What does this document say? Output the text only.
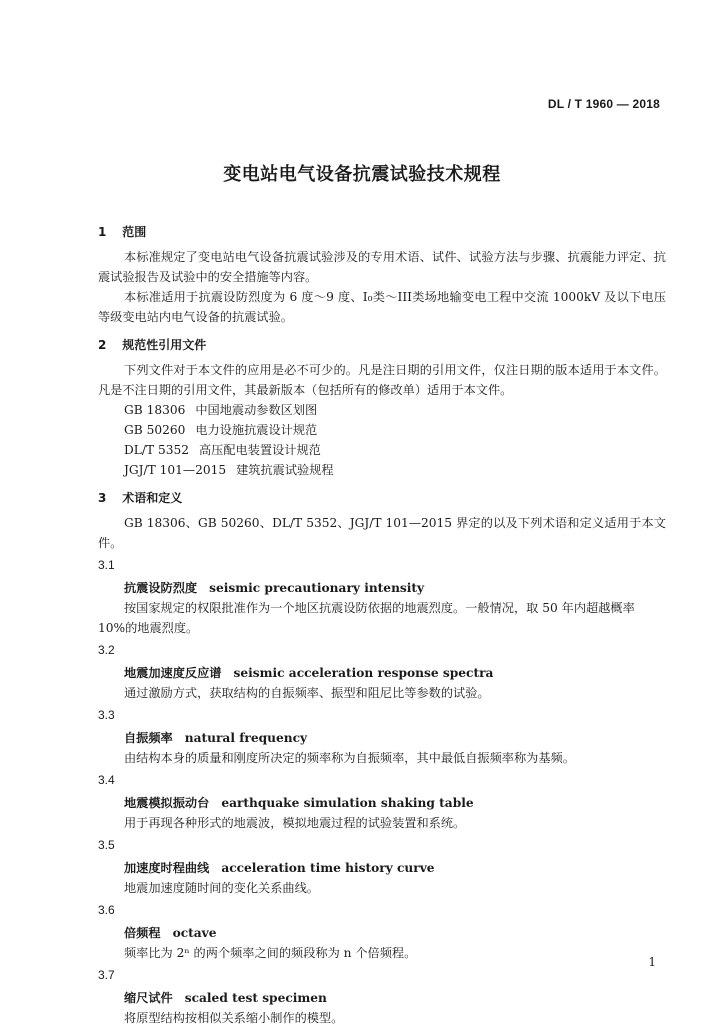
DL / T 1960 — 2018
变电站电气设备抗震试验技术规程
1 范围

本标准规定了变电站电气设备抗震试验涉及的专用术语、试件、试验方法与步骤、抗震能力评定、抗震试验报告及试验中的安全措施等内容。

本标准适用于抗震设防烈度为 6 度～9 度、I₀类～III类场地输变电工程中交流 1000kV 及以下电压等级变电站内电气设备的抗震试验。

2 规范性引用文件

下列文件对于本文件的应用是必不可少的。凡是注日期的引用文件，仅注日期的版本适用于本文件。凡是不注日期的引用文件，其最新版本（包括所有的修改单）适用于本文件。

GB 18306 中国地震动参数区划图

GB 50260 电力设施抗震设计规范

DL/T 5352 高压配电装置设计规范

JGJ/T 101—2015 建筑抗震试验规程

3 术语和定义

GB 18306、GB 50260、DL/T 5352、JGJ/T 101—2015 界定的以及下列术语和定义适用于本文件。

3.1

抗震设防烈度 seismic precautionary intensity

按国家规定的权限批准作为一个地区抗震设防依据的地震烈度。一般情况，取 50 年内超越概率

10%的地震烈度。

3.2

地震加速度反应谱 seismic acceleration response spectra

通过激励方式，获取结构的自振频率、振型和阻尼比等参数的试验。

3.3

自振频率 natural frequency

由结构本身的质量和刚度所决定的频率称为自振频率，其中最低自振频率称为基频。

3.4

地震模拟振动台 earthquake simulation shaking table

用于再现各种形式的地震波，模拟地震过程的试验装置和系统。

3.5

加速度时程曲线 acceleration time history curve

地震加速度随时间的变化关系曲线。

3.6

倍频程 octave

频率比为 2ⁿ 的两个频率之间的频段称为 n 个倍频程。

3.7

缩尺试件 scaled test specimen

将原型结构按相似关系缩小制作的模型。

1
